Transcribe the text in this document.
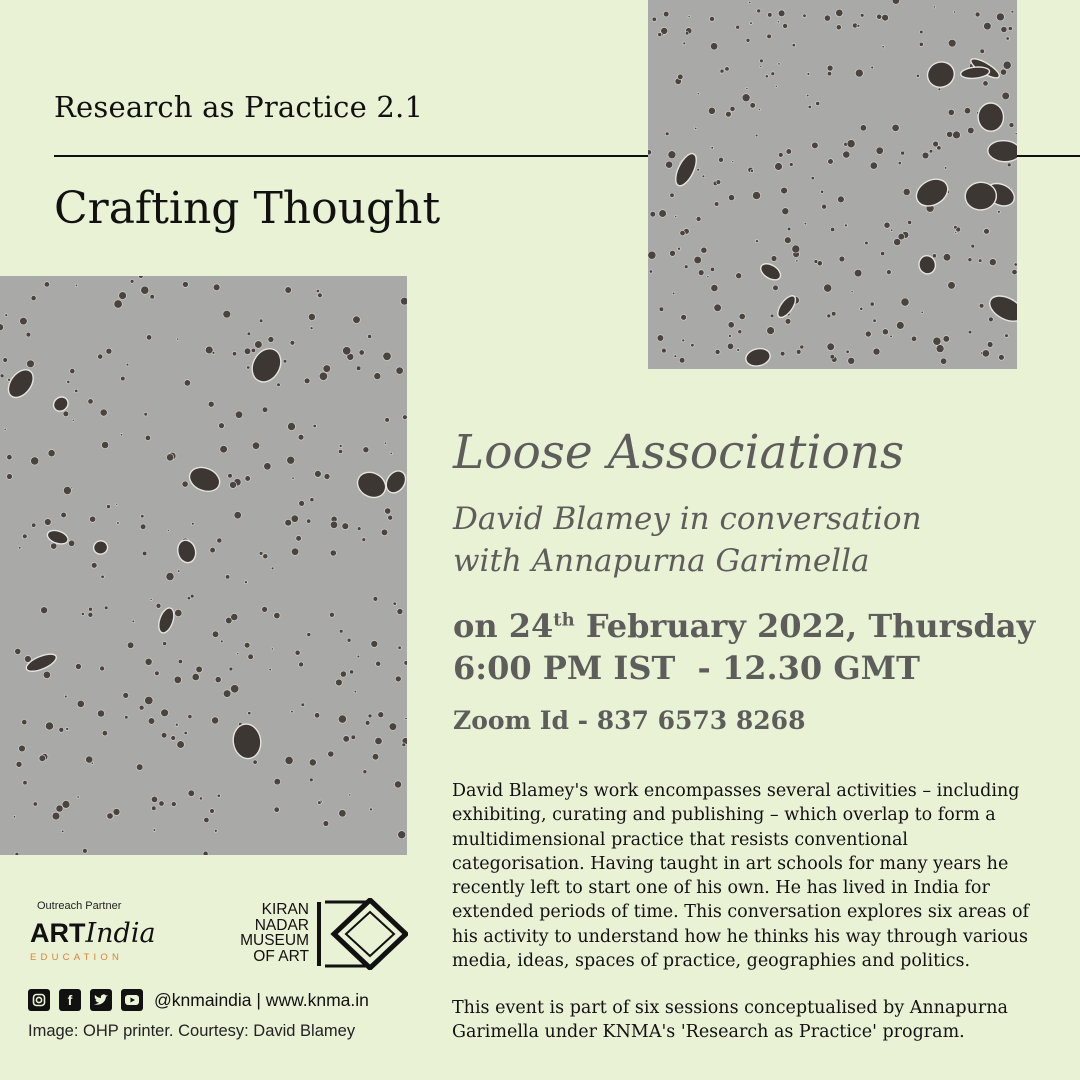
Research as Practice 2.1
Crafting Thought
Loose Associations
David Blamey in conversation
with Annapurna Garimella
on 24th February 2022, Thursday
6:00 PM IST  - 12.30 GMT
Zoom Id - 837 6573 8268
David Blamey's work encompasses several activities – including exhibiting, curating and publishing – which overlap to form a multidimensional practice that resists conventional categorisation. Having taught in art schools for many years he recently left to start one of his own. He has lived in India for extended periods of time. This conversation explores six areas of his activity to understand how he thinks his way through various media, ideas, spaces of practice, geographies and politics.
This event is part of six sessions conceptualised by Annapurna Garimella under KNMA's 'Research as Practice' program.
Outreach Partner
ARTIndia
EDUCATION
KIRAN
NADAR
MUSEUM
OF ART
f	@knmaindia | www.knma.in
Image: OHP printer. Courtesy: David Blamey
